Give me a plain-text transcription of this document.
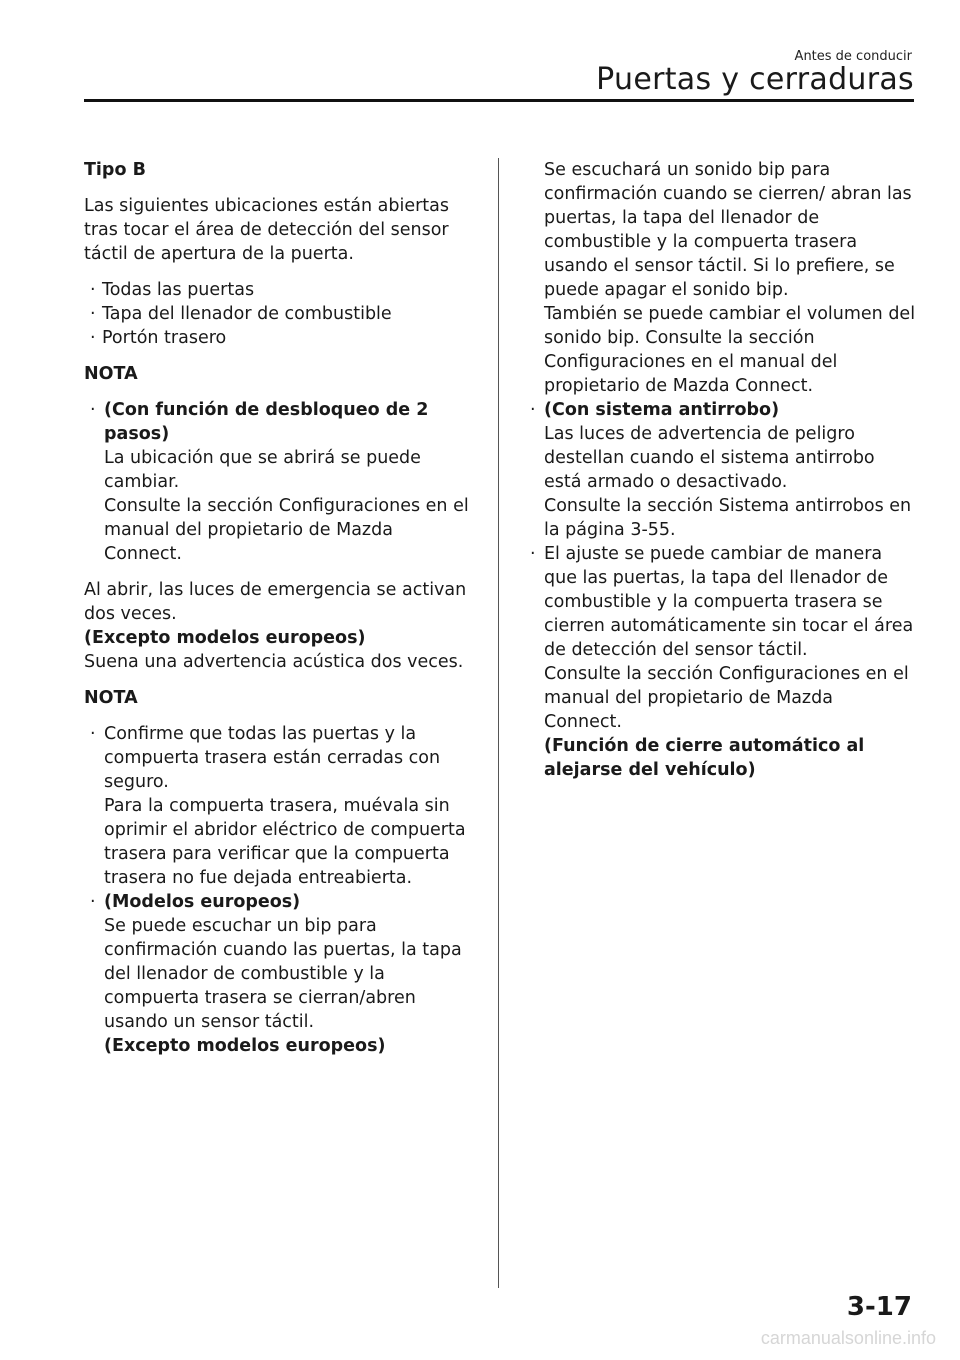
Antes de conducir
Puertas y cerraduras

Tipo B

Las siguientes ubicaciones están abiertas tras tocar el área de detección del sensor táctil de apertura de la puerta.

· Todas las puertas
· Tapa del llenador de combustible
· Portón trasero

NOTA

· (Con función de desbloqueo de 2 pasos)
La ubicación que se abrirá se puede cambiar.
Consulte la sección Configuraciones en el manual del propietario de Mazda Connect.

Al abrir, las luces de emergencia se activan dos veces.
(Excepto modelos europeos)
Suena una advertencia acústica dos veces.

NOTA

· Confirme que todas las puertas y la compuerta trasera están cerradas con seguro.
Para la compuerta trasera, muévala sin oprimir el abridor eléctrico de compuerta trasera para verificar que la compuerta trasera no fue dejada entreabierta.
· (Modelos europeos)
Se puede escuchar un bip para confirmación cuando las puertas, la tapa del llenador de combustible y la compuerta trasera se cierran/abren usando un sensor táctil.
(Excepto modelos europeos)
Se escuchará un sonido bip para confirmación cuando se cierren/ abran las puertas, la tapa del llenador de combustible y la compuerta trasera usando el sensor táctil. Si lo prefiere, se puede apagar el sonido bip.
También se puede cambiar el volumen del sonido bip. Consulte la sección Configuraciones en el manual del propietario de Mazda Connect.
· (Con sistema antirrobo)
Las luces de advertencia de peligro destellan cuando el sistema antirrobo está armado o desactivado.
Consulte la sección Sistema antirrobos en la página 3-55.
· El ajuste se puede cambiar de manera que las puertas, la tapa del llenador de combustible y la compuerta trasera se cierren automáticamente sin tocar el área de detección del sensor táctil.
Consulte la sección Configuraciones en el manual del propietario de Mazda Connect.
(Función de cierre automático al alejarse del vehículo)
3-17
carmanualsonline.info
